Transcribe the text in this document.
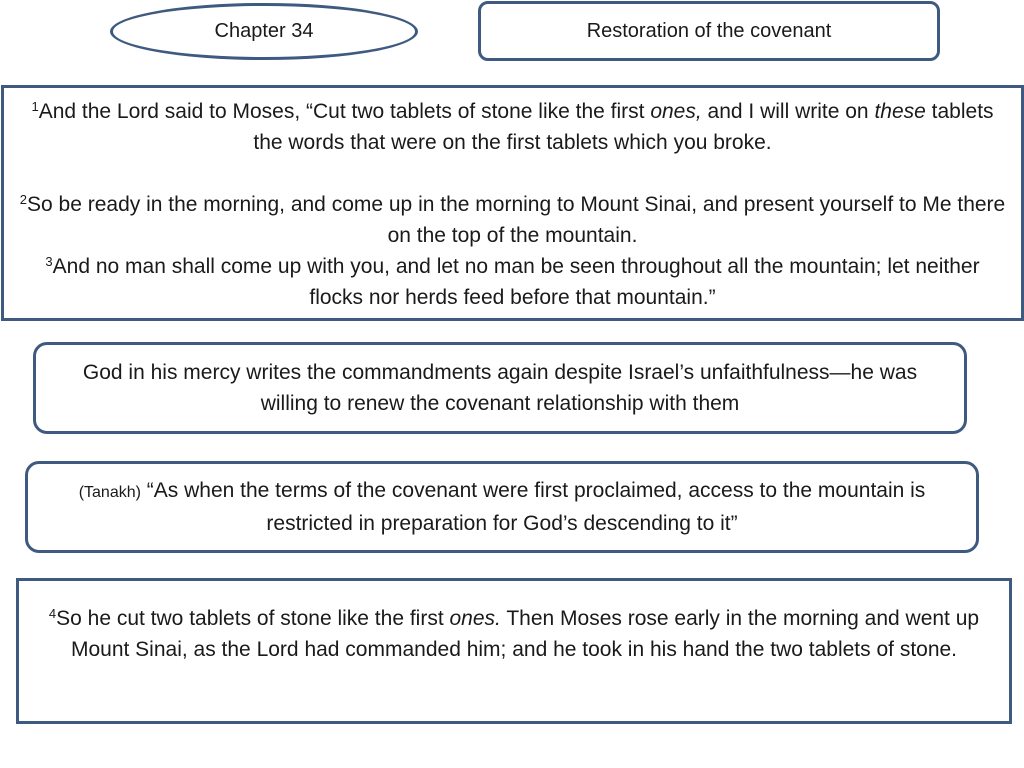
Chapter 34	Restoration of the covenant

$^1$And the Lord said to Moses, “Cut two tablets of stone like the first ones, and I will write on these tablets the words that were on the first tablets which you broke.

$^2$So be ready in the morning, and come up in the morning to Mount Sinai, and present yourself to Me there on the top of the mountain.

$^3$And no man shall come up with you, and let no man be seen throughout all the mountain; let neither flocks nor herds feed before that mountain.”

God in his mercy writes the commandments again despite Israel’s unfaithfulness—he was willing to renew the covenant relationship with them
(Tanakh) “As when the terms of the covenant were first proclaimed, access to the mountain is restricted in preparation for God’s descending to it”

$^4$So he cut two tablets of stone like the first ones. Then Moses rose early in the morning and went up Mount Sinai, as the Lord had commanded him; and he took in his hand the two tablets of stone.
